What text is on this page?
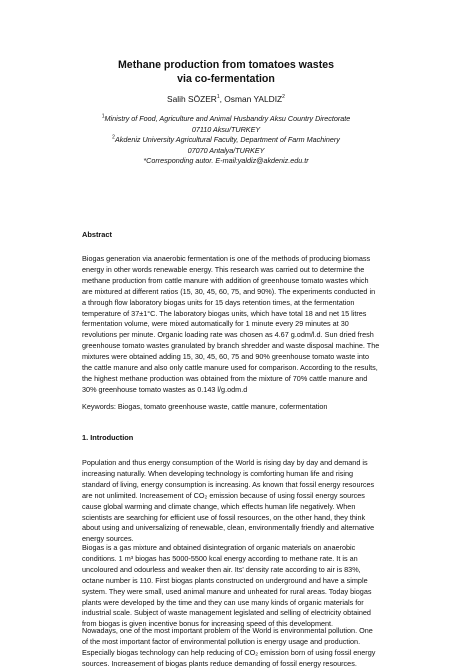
Methane production from tomatoes wastes
via co-fermentation
Salih SÖZER$^1$, Osman YALDIZ$^2$
$^1$Ministry of Food, Agriculture and Animal Husbandry Aksu Country Directorate
07110 Aksu/TURKEY
$^2$Akdeniz University Agricultural Faculty, Department of Farm Machinery
07070 Antalya/TURKEY
*Corresponding autor. E-mail:yaldiz@akdeniz.edu.tr
Abstract
Biogas generation via anaerobic fermentation is one of the methods of producing biomass
energy in other words renewable energy. This research was carried out to determine the
methane production from cattle manure with addition of greenhouse tomato wastes which
are mixtured at different ratios (15, 30, 45, 60, 75, and 90%). The experiments conducted in
a through flow laboratory biogas units for 15 days retention times, at the fermentation
temperature of 37±1°C. The laboratory biogas units, which have total 18 and net 15 litres
fermentation volume, were mixed automatically for 1 minute every 29 minutes at 30
revolutions per minute. Organic loading rate was chosen as 4.67 g.odm/l.d. Sun dried fresh
greenhouse tomato wastes granulated by branch shredder and waste disposal machine. The
mixtures were obtained adding 15, 30, 45, 60, 75 and 90% greenhouse tomato waste into
the cattle manure and also only cattle manure used for comparison. According to the results,
the highest methane production was obtained from the mixture of 70% cattle manure and
30% greenhouse tomato wastes as 0.143 l/g.odm.d
Keywords: Biogas, tomato greenhouse waste, cattle manure, cofermentation
1. Introduction
Population and thus energy consumption of the World is rising day by day and demand is
increasing naturally. When developing technology is comforting human life and rising
standard of living, energy consumption is increasing. As known that fossil energy resources
are not unlimited. Increasement of CO₂ emission because of using fossil energy sources
cause global warming and climate change, which effects human life negatively. When
scientists are searching for efficient use of fossil resources, on the other hand, they think
about using and universalizing of renewable, clean, environmentally friendly and alternative
energy sources.
Biogas is a gas mixture and obtained disintegration of organic materials on anaerobic
conditions. 1 m³ biogas has 5000-5500 kcal energy according to methane rate. It is an
uncoloured and odourless and weaker then air. Its' density rate according to air is 83%,
octane number is 110. First biogas plants constructed on underground and have a simple
system. They were small, used animal manure and unheated for rural areas. Today biogas
plants were developed by the time and they can use many kinds of organic materials for
industrial scale. Subject of waste management legislated and selling of electricity obtained
from biogas is given incentive bonus for increasing speed of this development.
Nowadays, one of the most important problem of the World is environmental pollution. One
of the most important factor of environmental pollution is energy usage and production.
Especially biogas technology can help reducing of CO₂ emission born of using fossil energy
sources. Increasement of biogas plants reduce demanding of fossil energy resources.
